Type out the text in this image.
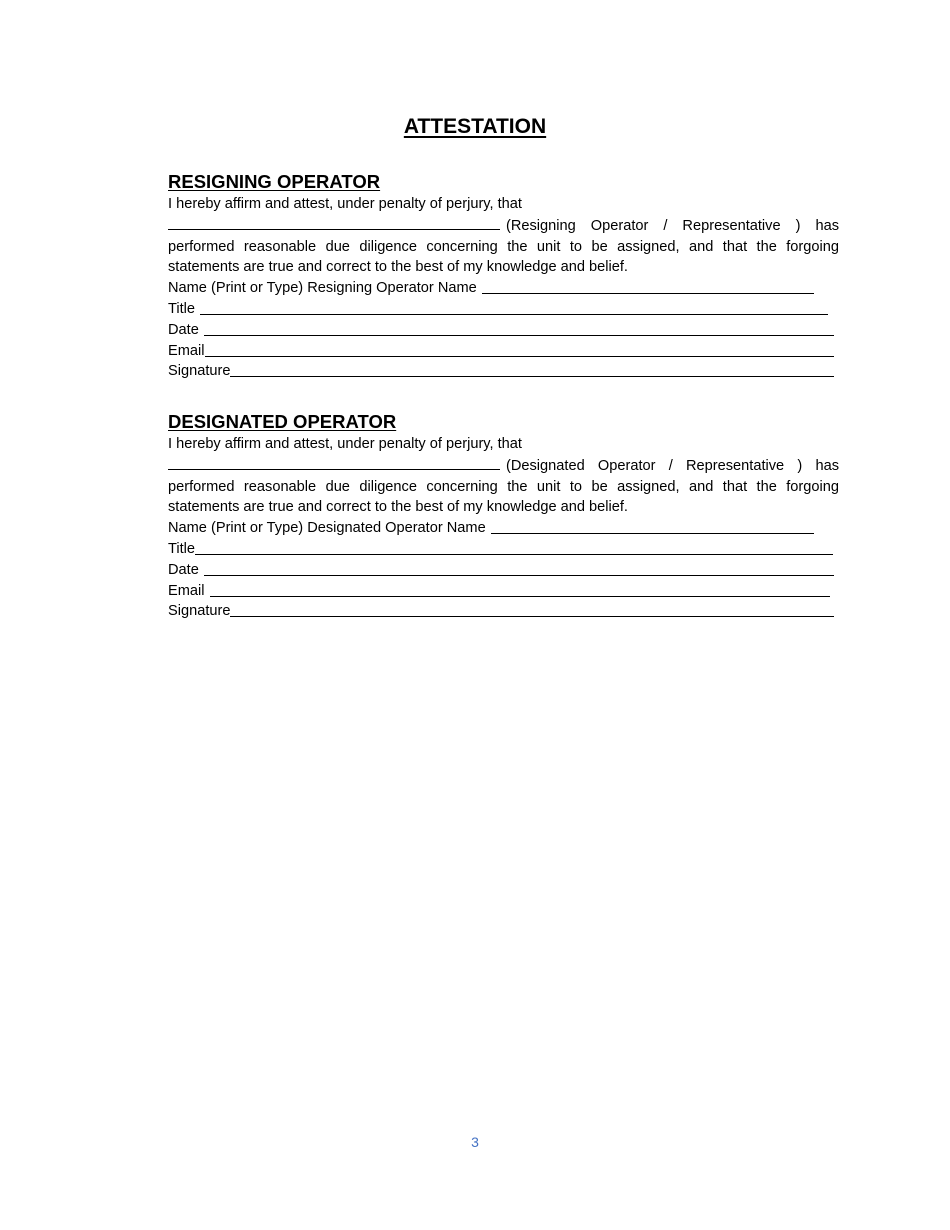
ATTESTATION
RESIGNING OPERATOR
I hereby affirm and attest, under penalty of perjury, that
(Resigning Operator / Representative ) has performed reasonable due diligence concerning the unit to be assigned, and that the forgoing statements are true and correct to the best of my knowledge and belief.
Name (Print or Type) Resigning Operator Name
Title
Date
Email
Signature
DESIGNATED OPERATOR
I hereby affirm and attest, under penalty of perjury, that
(Designated Operator / Representative ) has performed reasonable due diligence concerning the unit to be assigned, and that the forgoing statements are true and correct to the best of my knowledge and belief.
Name (Print or Type) Designated Operator Name
Title
Date
Email
Signature
3
